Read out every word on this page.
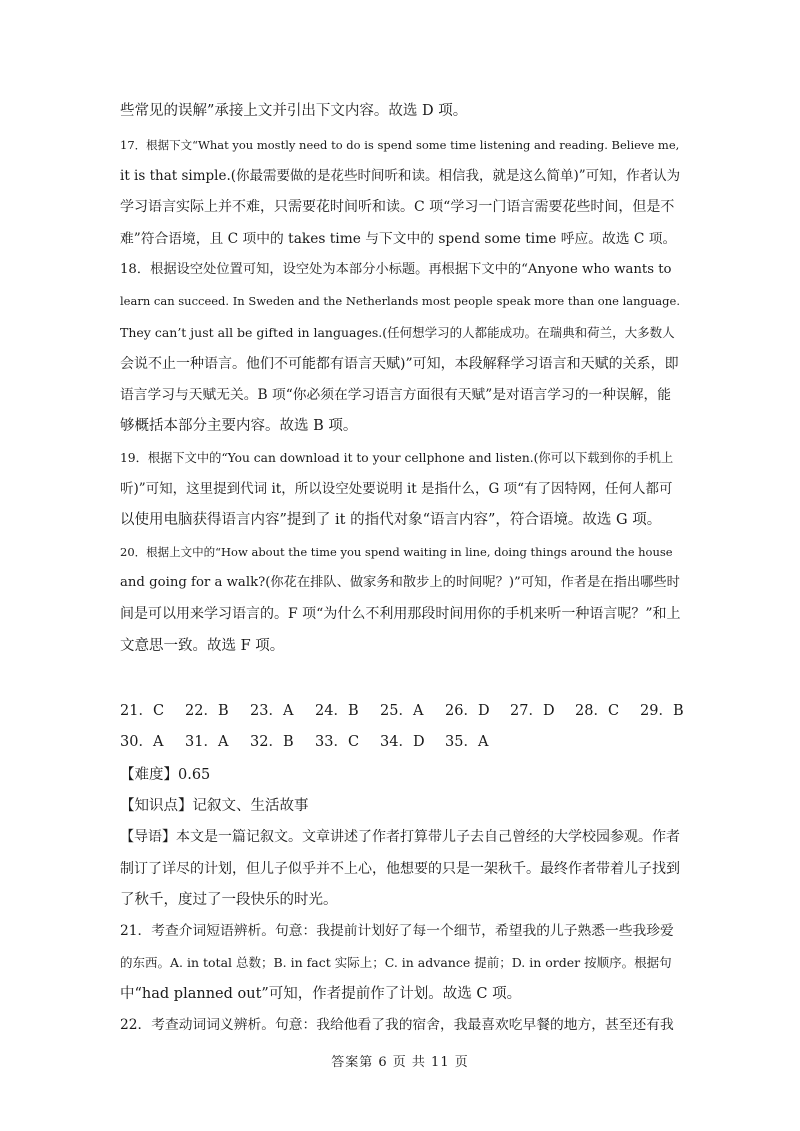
些常见的误解”承接上文并引出下文内容。故选 D 项。
17．根据下文“What you mostly need to do is spend some time listening and reading. Believe me,
it is that simple.(你最需要做的是花些时间听和读。相信我，就是这么简单)”可知，作者认为
学习语言实际上并不难，只需要花时间听和读。C 项“学习一门语言需要花些时间，但是不
难”符合语境，且 C 项中的 takes time 与下文中的 spend some time 呼应。故选 C 项。
18．根据设空处位置可知，设空处为本部分小标题。再根据下文中的“Anyone who wants to
learn can succeed. In Sweden and the Netherlands most people speak more than one language.
They can’t just all be gifted in languages.(任何想学习的人都能成功。在瑞典和荷兰，大多数人
会说不止一种语言。他们不可能都有语言天赋)”可知，本段解释学习语言和天赋的关系，即
语言学习与天赋无关。B 项“你必须在学习语言方面很有天赋”是对语言学习的一种误解，能
够概括本部分主要内容。故选 B 项。
19．根据下文中的“You can download it to your cellphone and listen.(你可以下载到你的手机上
听)”可知，这里提到代词 it，所以设空处要说明 it 是指什么，G 项“有了因特网，任何人都可
以使用电脑获得语言内容”提到了 it 的指代对象“语言内容”，符合语境。故选 G 项。
20．根据上文中的“How about the time you spend waiting in line, doing things around the house
and going for a walk?(你花在排队、做家务和散步上的时间呢？)”可知，作者是在指出哪些时
间是可以用来学习语言的。F 项“为什么不利用那段时间用你的手机来听一种语言呢？”和上
文意思一致。故选 F 项。
21．C 22．B 23．A 24．B 25．A 26．D 27．D 28．C 29．B
30．A 31．A 32．B 33．C 34．D 35．A
【难度】0.65
【知识点】记叙文、生活故事
【导语】本文是一篇记叙文。文章讲述了作者打算带儿子去自己曾经的大学校园参观。作者
制订了详尽的计划，但儿子似乎并不上心，他想要的只是一架秋千。最终作者带着儿子找到
了秋千，度过了一段快乐的时光。
21．考查介词短语辨析。句意：我提前计划好了每一个细节，希望我的儿子熟悉一些我珍爱
的东西。A. in total 总数；B. in fact 实际上；C. in advance 提前；D. in order 按顺序。根据句
中“had planned out”可知，作者提前作了计划。故选 C 项。
22．考查动词词义辨析。句意：我给他看了我的宿舍，我最喜欢吃早餐的地方，甚至还有我
答案第 6 页 共 11 页
